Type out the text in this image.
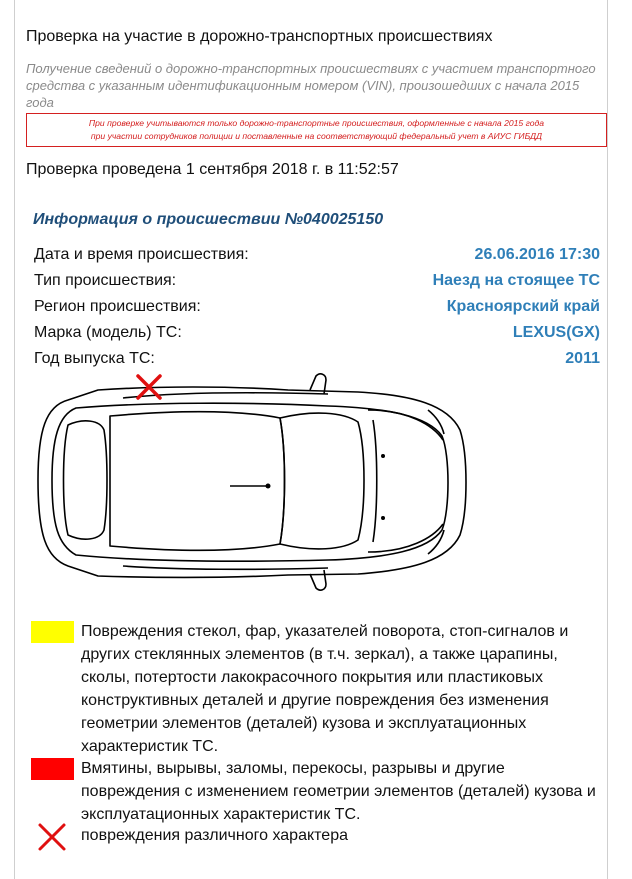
Проверка на участие в дорожно-транспортных происшествиях
Получение сведений о дорожно-транспортных происшествиях с участием транспортного средства с указанным идентификационным номером (VIN), произошедших с начала 2015 года
При проверке учитываются только дорожно-транспортные происшествия, оформленные с начала 2015 года
при участии сотрудников полиции и поставленные на соответствующий федеральный учет в АИУС ГИБДД
Проверка проведена 1 сентября 2018 г. в 11:52:57
Информация о происшествии №040025150
Дата и время происшествия:	26.06.2016 17:30
Тип происшествия:	Наезд на стоящее ТС
Регион происшествия:	Красноярский край
Марка (модель) ТС:	LEXUS(GX)
Год выпуска ТС:	2011
Повреждения стекол, фар, указателей поворота, стоп-сигналов и других стеклянных элементов (в т.ч. зеркал), а также царапины, сколы, потертости лакокрасочного покрытия или пластиковых конструктивных деталей и другие повреждения без изменения геометрии элементов (деталей) кузова и эксплуатационных характеристик ТС.
Вмятины, вырывы, заломы, перекосы, разрывы и другие повреждения с изменением геометрии элементов (деталей) кузова и эксплуатационных характеристик ТС.
повреждения различного характера
